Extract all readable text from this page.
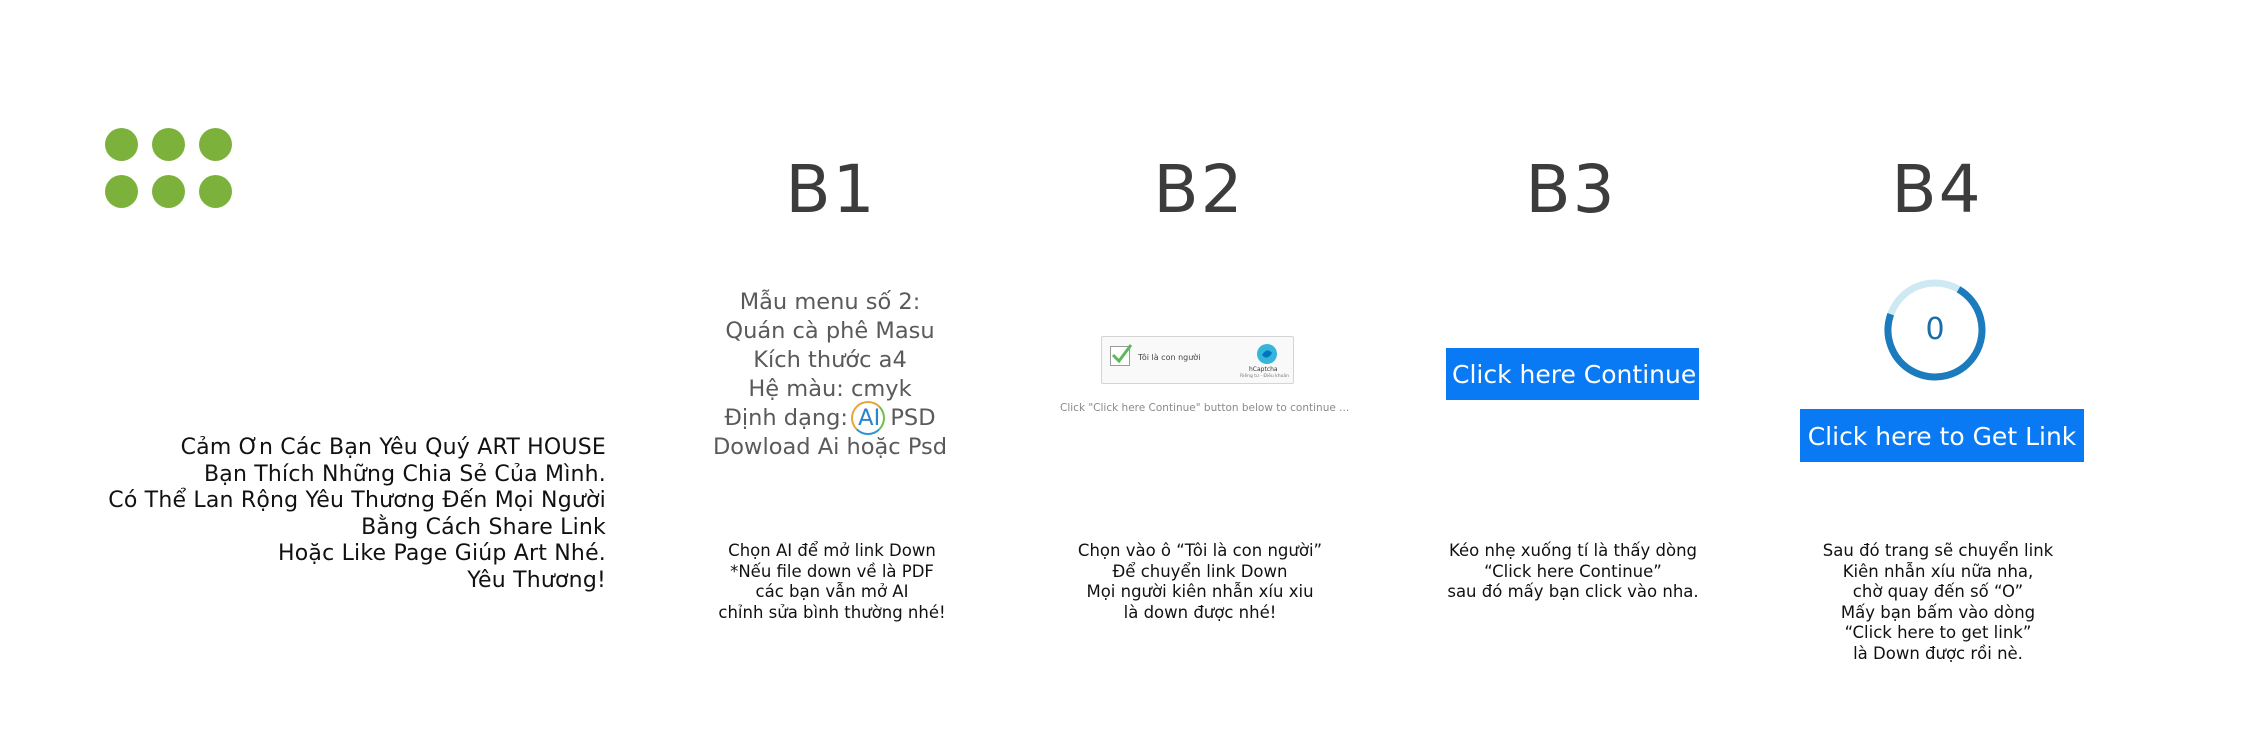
Cảm Ơn Các Bạn Yêu Quý ART HOUSE
Bạn Thích Những Chia Sẻ Của Mình.
Có Thể Lan Rộng Yêu Thương Đến Mọi Người
Bằng Cách Share Link
Hoặc Like Page Giúp Art Nhé.
Yêu Thương!
B1	B2	B3	B4
Mẫu menu số 2:
Quán cà phê Masu
Kích thước a4
Hệ màu: cmyk
Định dạng: AI PSD
Dowload Ai hoặc Psd
Tôi là con người
hCaptcha
Riêng tư - Điều khoản
Click "Click here Continue" button below to continue ...
Click here Continue
0
Click here to Get Link
Chọn AI để mở link Down
*Nếu file down về là PDF
các bạn vẫn mở AI
chỉnh sửa bình thường nhé!
Chọn vào ô “Tôi là con người”
Để chuyển link Down
Mọi người kiên nhẫn xíu xiu
là down được nhé!
Kéo nhẹ xuống tí là thấy dòng
“Click here Continue”
sau đó mấy bạn click vào nha.
Sau đó trang sẽ chuyển link
Kiên nhẫn xíu nữa nha,
chờ quay đến số “O”
Mấy bạn bấm vào dòng
“Click here to get link”
là Down được rồi nè.
